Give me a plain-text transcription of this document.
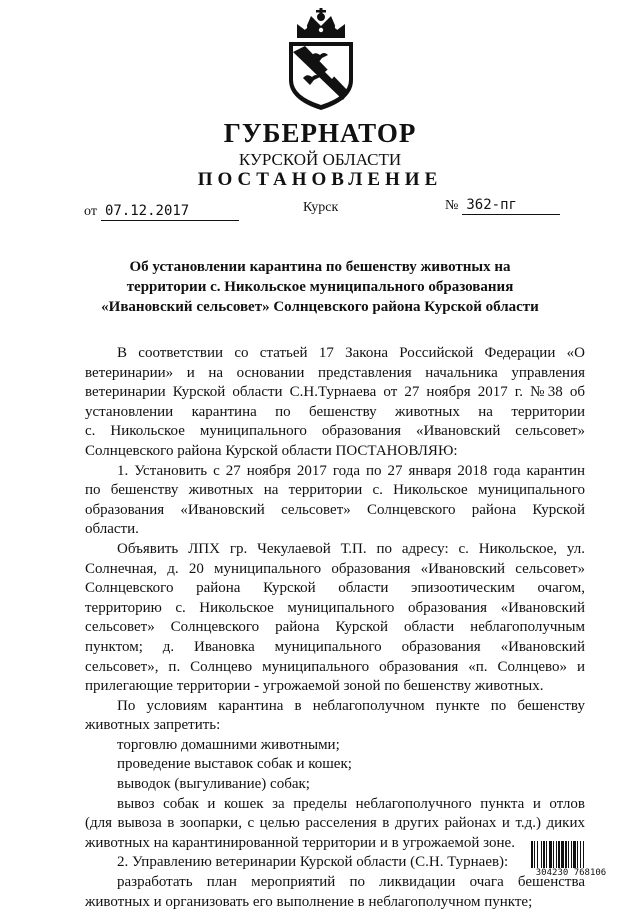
ГУБЕРНАТОР
КУРСКОЙ ОБЛАСТИ
ПОСТАНОВЛЕНИЕ
от 07.12.2017	Курск	№ 362-пг
Об установлении карантина по бешенству животных на
территории с. Никольское муниципального образования
«Ивановский сельсовет» Солнцевского района Курской области

В соответствии со статьей 17 Закона Российской Федерации «О

ветеринарии» и на основании представления начальника управления

ветеринарии Курской области С.Н.Турнаева от 27 ноября 2017 г. №38 об

установлении карантина по бешенству животных на территории

с. Никольское муниципального образования «Ивановский сельсовет»

Солнцевского района Курской области ПОСТАНОВЛЯЮ:

1. Установить с 27 ноября 2017 года по 27 января 2018 года карантин

по бешенству животных на территории с. Никольское муниципального

образования «Ивановский сельсовет» Солнцевского района Курской

области.

Объявить ЛПХ гр. Чекулаевой Т.П. по адресу: с. Никольское, ул.

Солнечная, д. 20 муниципального образования «Ивановский сельсовет»

Солнцевского района Курской области эпизоотическим очагом,

территорию с. Никольское муниципального образования «Ивановский

сельсовет» Солнцевского района Курской области неблагополучным

пунктом; д. Ивановка муниципального образования «Ивановский

сельсовет», п. Солнцево муниципального образования «п. Солнцево» и

прилегающие территории - угрожаемой зоной по бешенству животных.

По условиям карантина в неблагополучном пункте по бешенству

животных запретить:

торговлю домашними животными;

проведение выставок собак и кошек;

выводок (выгуливание) собак;

вывоз собак и кошек за пределы неблагополучного пункта и отлов

(для вывоза в зоопарки, с целью расселения в других районах и т.д.) диких

животных на карантинированной территории и в угрожаемой зоне.

2. Управлению ветеринарии Курской области (С.Н. Турнаев):

разработать план мероприятий по ликвидации очага бешенства

животных и организовать его выполнение в неблагополучном пункте;

304230 768106
